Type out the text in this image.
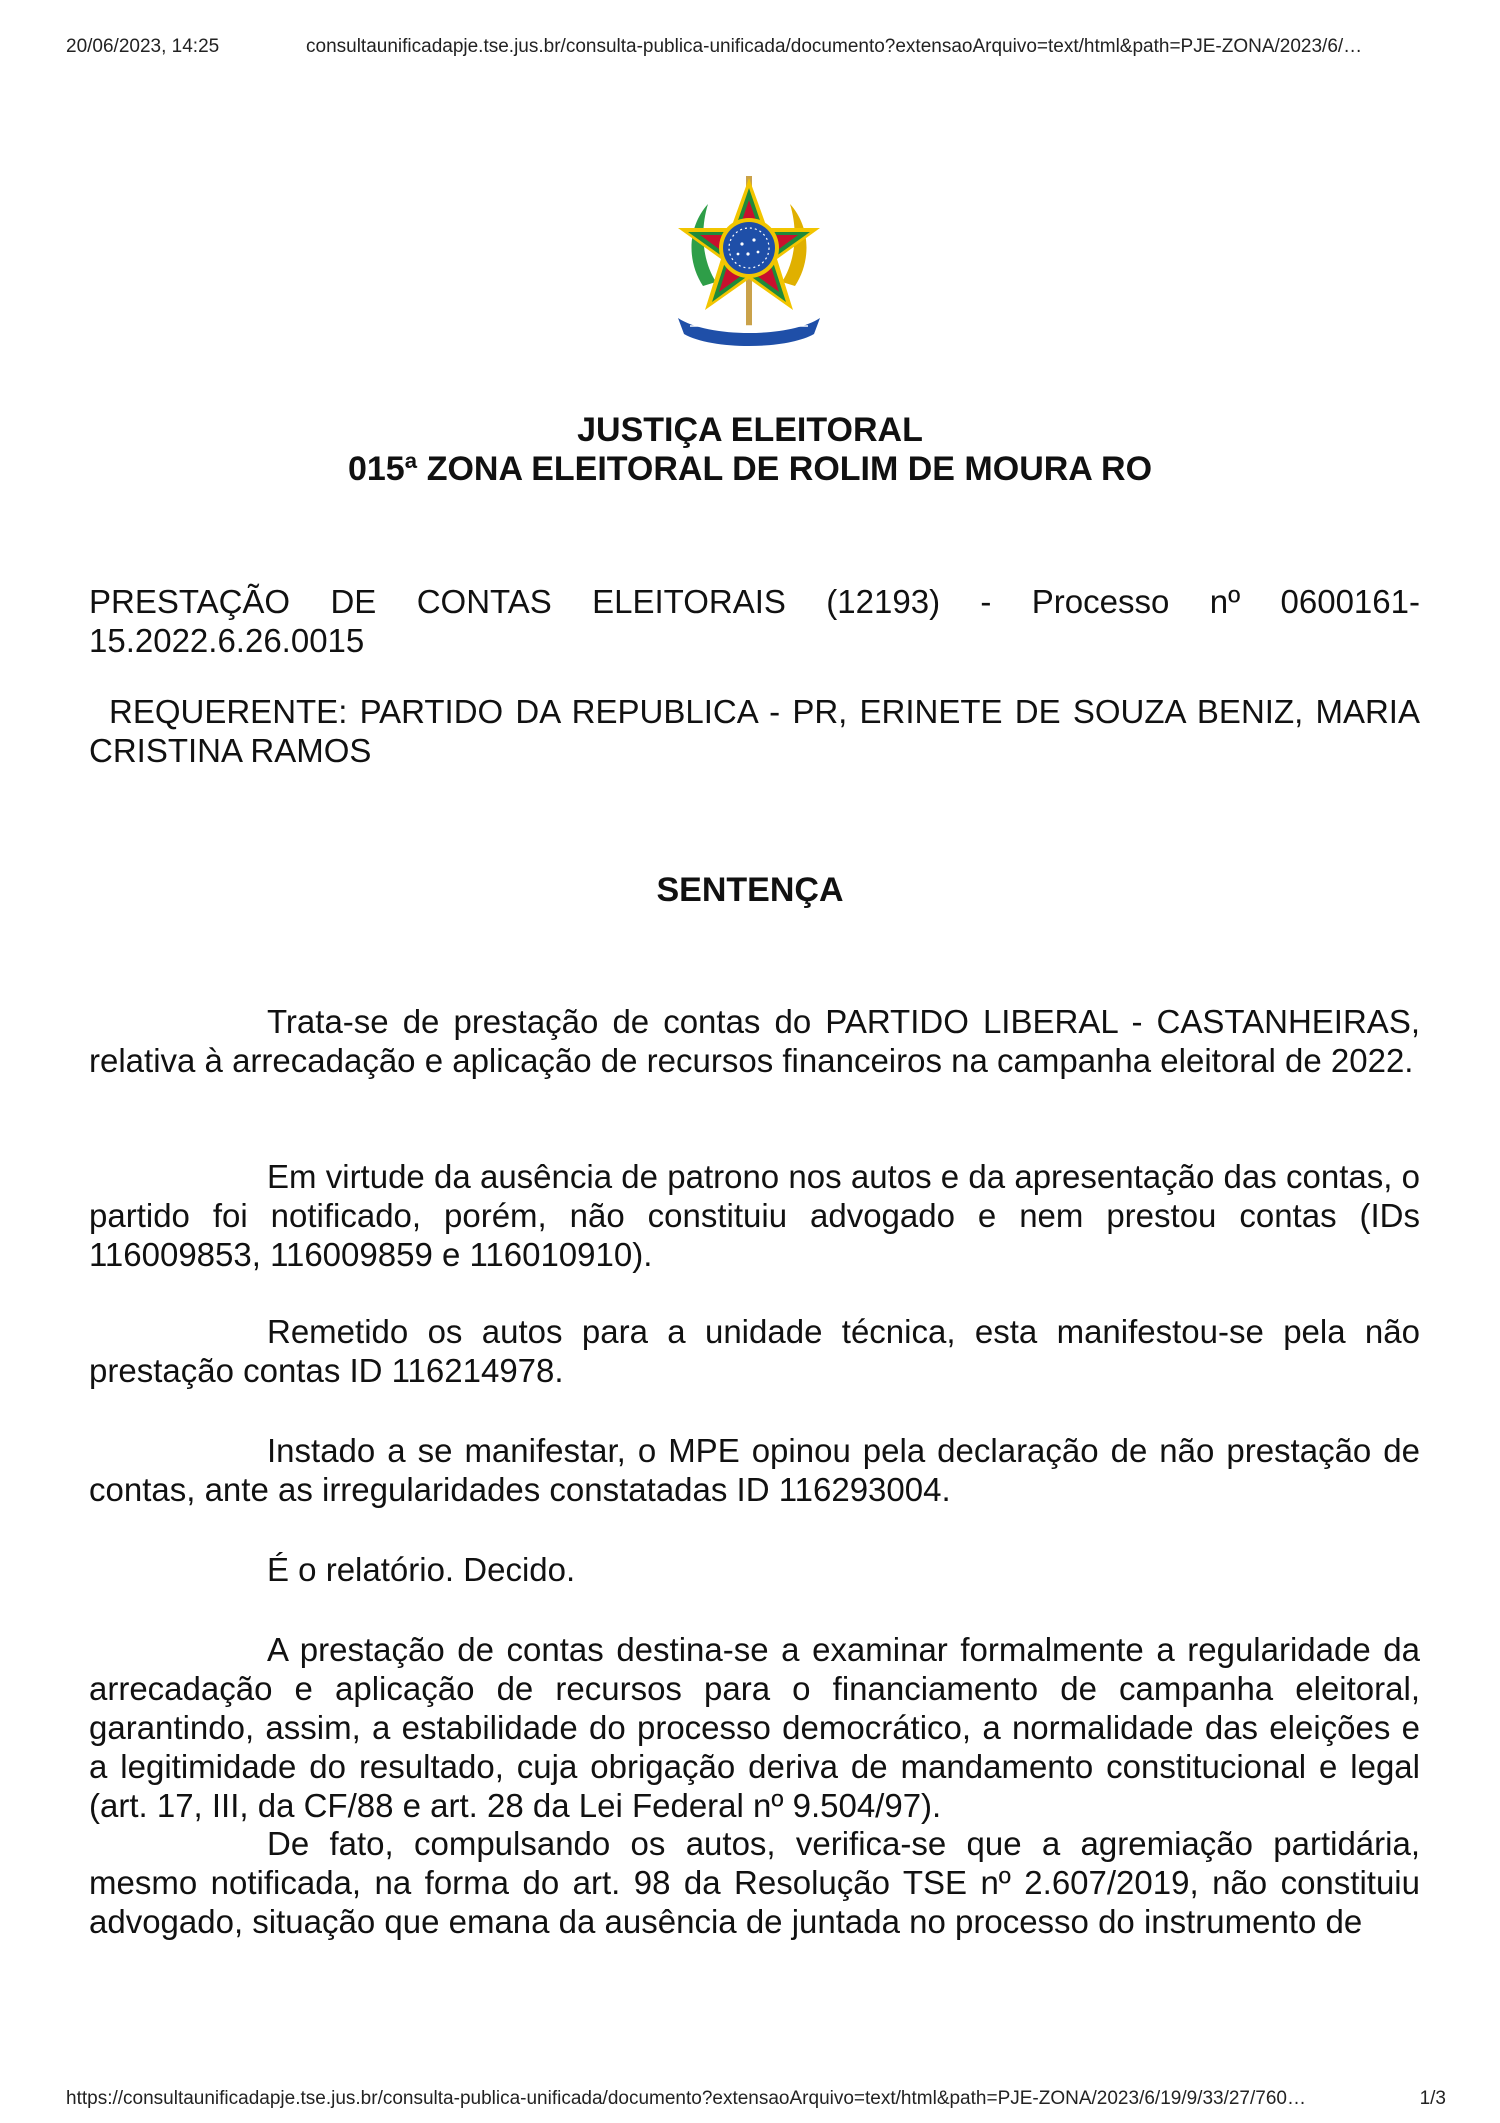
20/06/2023, 14:25	consultaunificadapje.tse.jus.br/consulta-publica-unificada/documento?extensaoArquivo=text/html&path=PJE-ZONA/2023/6/…
JUSTIÇA ELEITORAL
015ª ZONA ELEITORAL DE ROLIM DE MOURA RO

PRESTAÇÃO DE CONTAS ELEITORAIS (12193) - Processo nº 0600161-15.2022.6.26.0015

REQUERENTE: PARTIDO DA REPUBLICA - PR, ERINETE DE SOUZA BENIZ, MARIA CRISTINA RAMOS

SENTENÇA

Trata-se de prestação de contas do PARTIDO LIBERAL - CASTANHEIRAS, relativa à arrecadação e aplicação de recursos financeiros na campanha eleitoral de 2022.

Em virtude da ausência de patrono nos autos e da apresentação das contas, o partido foi notificado, porém, não constituiu advogado e nem prestou contas (IDs 116009853, 116009859 e 116010910).

Remetido os autos para a unidade técnica, esta manifestou-se pela não prestação contas ID 116214978.

Instado a se manifestar, o MPE opinou pela declaração de não prestação de contas, ante as irregularidades constatadas ID 116293004.

É o relatório. Decido.

A prestação de contas destina-se a examinar formalmente a regularidade da arrecadação e aplicação de recursos para o financiamento de campanha eleitoral, garantindo, assim, a estabilidade do processo democrático, a normalidade das eleições e a legitimidade do resultado, cuja obrigação deriva de mandamento constitucional e legal (art. 17, III, da CF/88 e art. 28 da Lei Federal nº 9.504/97).

De fato, compulsando os autos, verifica-se que a agremiação partidária, mesmo notificada, na forma do art. 98 da Resolução TSE nº 2.607/2019, não constituiu advogado, situação que emana da ausência de juntada no processo do instrumento de

https://consultaunificadapje.tse.jus.br/consulta-publica-unificada/documento?extensaoArquivo=text/html&path=PJE-ZONA/2023/6/19/9/33/27/760…	1/3
